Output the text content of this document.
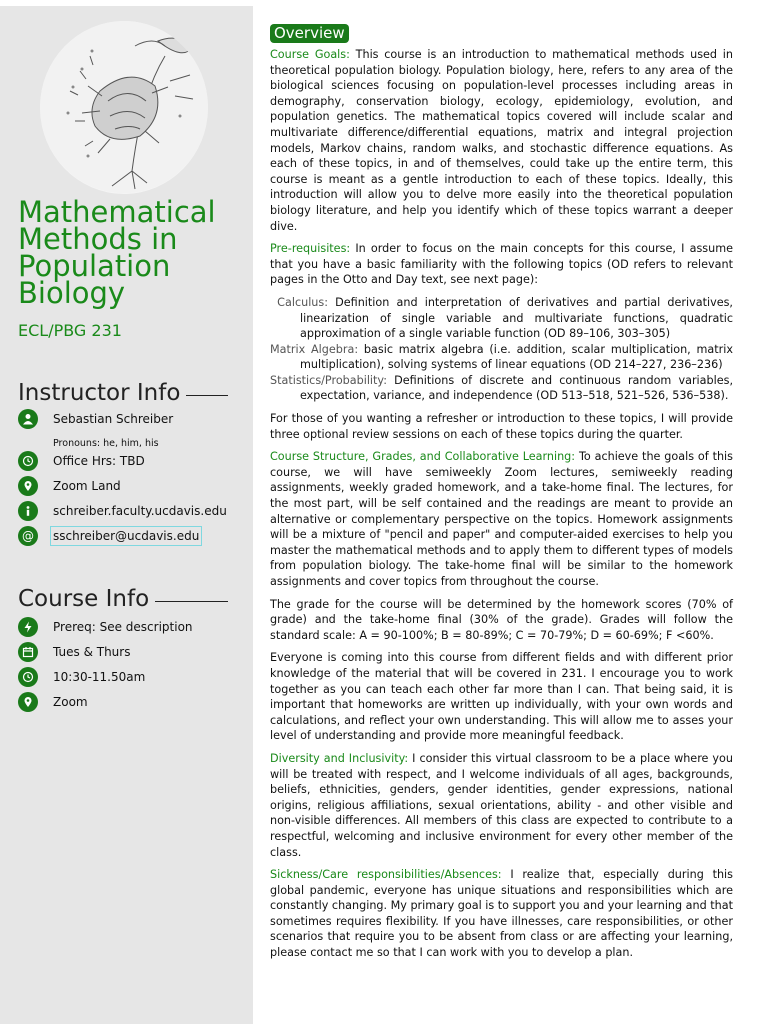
Mathematical
Methods in
Population
Biology
ECL/PBG 231
Instructor Info
Sebastian Schreiber
Pronouns: he, him, his
Office Hrs: TBD
Zoom Land
schreiber.faculty.ucdavis.edu
@ sschreiber@ucdavis.edu
Course Info
Prereq: See description
Tues & Thurs
10:30-11.50am
Zoom
Overview

Course Goals: This course is an introduction to mathematical methods used in theoretical population biology. Population biology, here, refers to any area of the biological sciences focusing on population-level processes including areas in demography, conservation biology, ecology, epidemiology, evolution, and population genetics. The mathematical topics covered will include scalar and multivariate difference/differential equations, matrix and integral projection models, Markov chains, random walks, and stochastic difference equations. As each of these topics, in and of themselves, could take up the entire term, this course is meant as a gentle introduction to each of these topics. Ideally, this introduction will allow you to delve more easily into the theoretical population biology literature, and help you identify which of these topics warrant a deeper dive.

Pre-requisites: In order to focus on the main concepts for this course, I assume that you have a basic familiarity with the following topics (OD refers to relevant pages in the Otto and Day text, see next page):

Calculus: Definition and interpretation of derivatives and partial derivatives, linearization of single variable and multivariate functions, quadratic approximation of a single variable function (OD 89–106, 303–305)

Matrix Algebra: basic matrix algebra (i.e. addition, scalar multiplication, matrix multiplication), solving systems of linear equations (OD 214–227, 236–236)

Statistics/Probability: Definitions of discrete and continuous random variables, expectation, variance, and independence (OD 513–518, 521–526, 536–538).

For those of you wanting a refresher or introduction to these topics, I will provide three optional review sessions on each of these topics during the quarter.

Course Structure, Grades, and Collaborative Learning: To achieve the goals of this course, we will have semiweekly Zoom lectures, semiweekly reading assignments, weekly graded homework, and a take-home final. The lectures, for the most part, will be self contained and the readings are meant to provide an alternative or complementary perspective on the topics. Homework assignments will be a mixture of "pencil and paper" and computer-aided exercises to help you master the mathematical methods and to apply them to different types of models from population biology. The take-home final will be similar to the homework assignments and cover topics from throughout the course.

The grade for the course will be determined by the homework scores (70% of grade) and the take-home final (30% of the grade). Grades will follow the standard scale: A = 90-100%; B = 80-89%; C = 70-79%; D = 60-69%; F <60%.

Everyone is coming into this course from different fields and with different prior knowledge of the material that will be covered in 231. I encourage you to work together as you can teach each other far more than I can. That being said, it is important that homeworks are written up individually, with your own words and calculations, and reflect your own understanding. This will allow me to asses your level of understanding and provide more meaningful feedback.

Diversity and Inclusivity: I consider this virtual classroom to be a place where you will be treated with respect, and I welcome individuals of all ages, backgrounds, beliefs, ethnicities, genders, gender identities, gender expressions, national origins, religious affiliations, sexual orientations, ability - and other visible and non-visible differences. All members of this class are expected to contribute to a respectful, welcoming and inclusive environment for every other member of the class.

Sickness/Care responsibilities/Absences: I realize that, especially during this global pandemic, everyone has unique situations and responsibilities which are constantly changing. My primary goal is to support you and your learning and that sometimes requires flexibility. If you have illnesses, care responsibilities, or other scenarios that require you to be absent from class or are affecting your learning, please contact me so that I can work with you to develop a plan.
